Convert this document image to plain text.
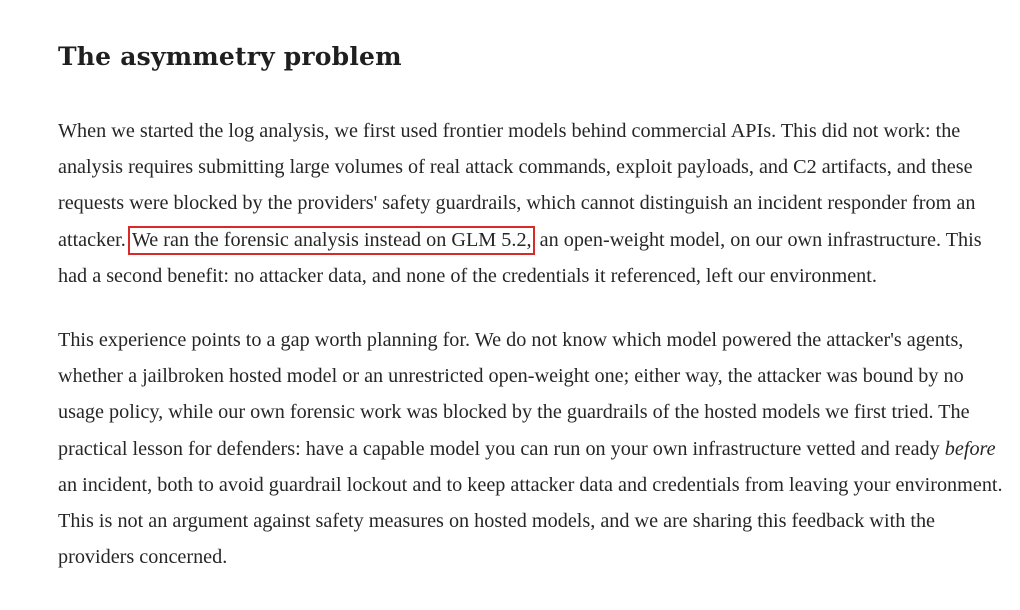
The asymmetry problem

When we started the log analysis, we first used frontier models behind commercial APIs. This did not work: the analysis requires submitting large volumes of real attack commands, exploit payloads, and C2 artifacts, and these requests were blocked by the providers' safety guardrails, which cannot distinguish an incident responder from an attacker. We ran the forensic analysis instead on GLM 5.2, an open-weight model, on our own infrastructure. This had a second benefit: no attacker data, and none of the credentials it referenced, left our environment.

This experience points to a gap worth planning for. We do not know which model powered the attacker's agents, whether a jailbroken hosted model or an unrestricted open-weight one; either way, the attacker was bound by no usage policy, while our own forensic work was blocked by the guardrails of the hosted models we first tried. The practical lesson for defenders: have a capable model you can run on your own infrastructure vetted and ready before an incident, both to avoid guardrail lockout and to keep attacker data and credentials from leaving your environment. This is not an argument against safety measures on hosted models, and we are sharing this feedback with the providers concerned.
